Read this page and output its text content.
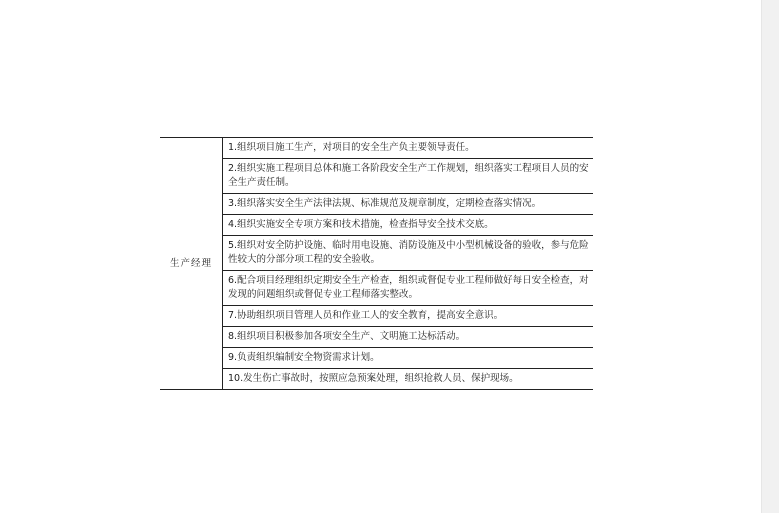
生产经理	1.组织项目施工生产，对项目的安全生产负主要领导责任。
2.组织实施工程项目总体和施工各阶段安全生产工作规划，组织落实工程项目人员的安全生产责任制。
3.组织落实安全生产法律法规、标准规范及规章制度，定期检查落实情况。
4.组织实施安全专项方案和技术措施，检查指导安全技术交底。
5.组织对安全防护设施、临时用电设施、消防设施及中小型机械设备的验收，参与危险性较大的分部分项工程的安全验收。
6.配合项目经理组织定期安全生产检查，组织或督促专业工程师做好每日安全检查，对发现的问题组织或督促专业工程师落实整改。
7.协助组织项目管理人员和作业工人的安全教育，提高安全意识。
8.组织项目积极参加各项安全生产、文明施工达标活动。
9.负责组织编制安全物资需求计划。
10.发生伤亡事故时，按照应急预案处理，组织抢救人员、保护现场。
